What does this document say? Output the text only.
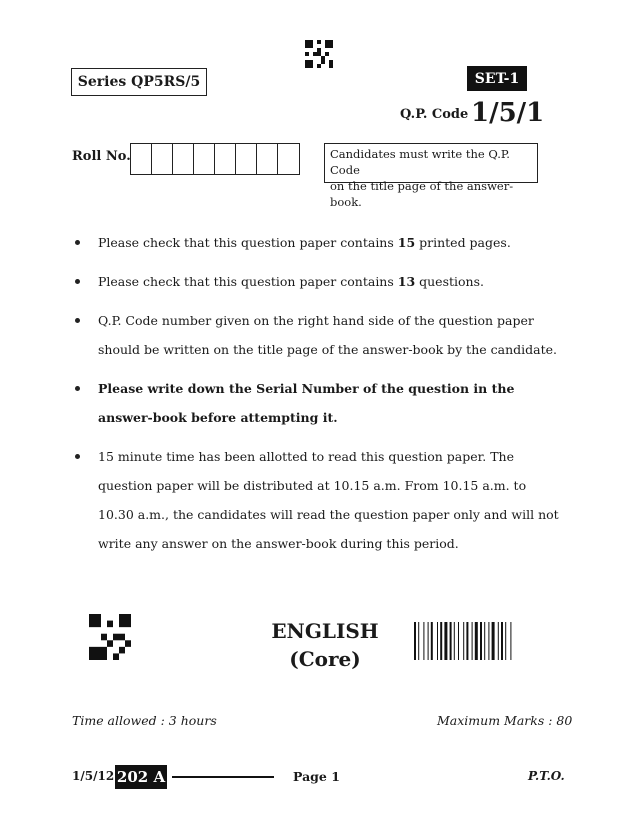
Series QP5RS/5	SET-1
Q.P. Code 1/5/1
Roll No.	Candidates must write the Q.P. Code
on the title page of the answer-book.
Please check that this question paper contains 15 printed pages.
Please check that this question paper contains 13 questions.
Q.P. Code number given on the right hand side of the question paper should be written on the title page of the answer-book by the candidate.
Please write down the Serial Number of the question in the answer-book before attempting it.
15 minute time has been allotted to read this question paper. The question paper will be distributed at 10.15 a.m. From 10.15 a.m. to 10.30 a.m., the candidates will read the question paper only and will not write any answer on the answer-book during this period.
ENGLISH
(Core)
Time allowed : 3 hours	Maximum Marks : 80
1/5/12 202 A	Page 1	P.T.O.
